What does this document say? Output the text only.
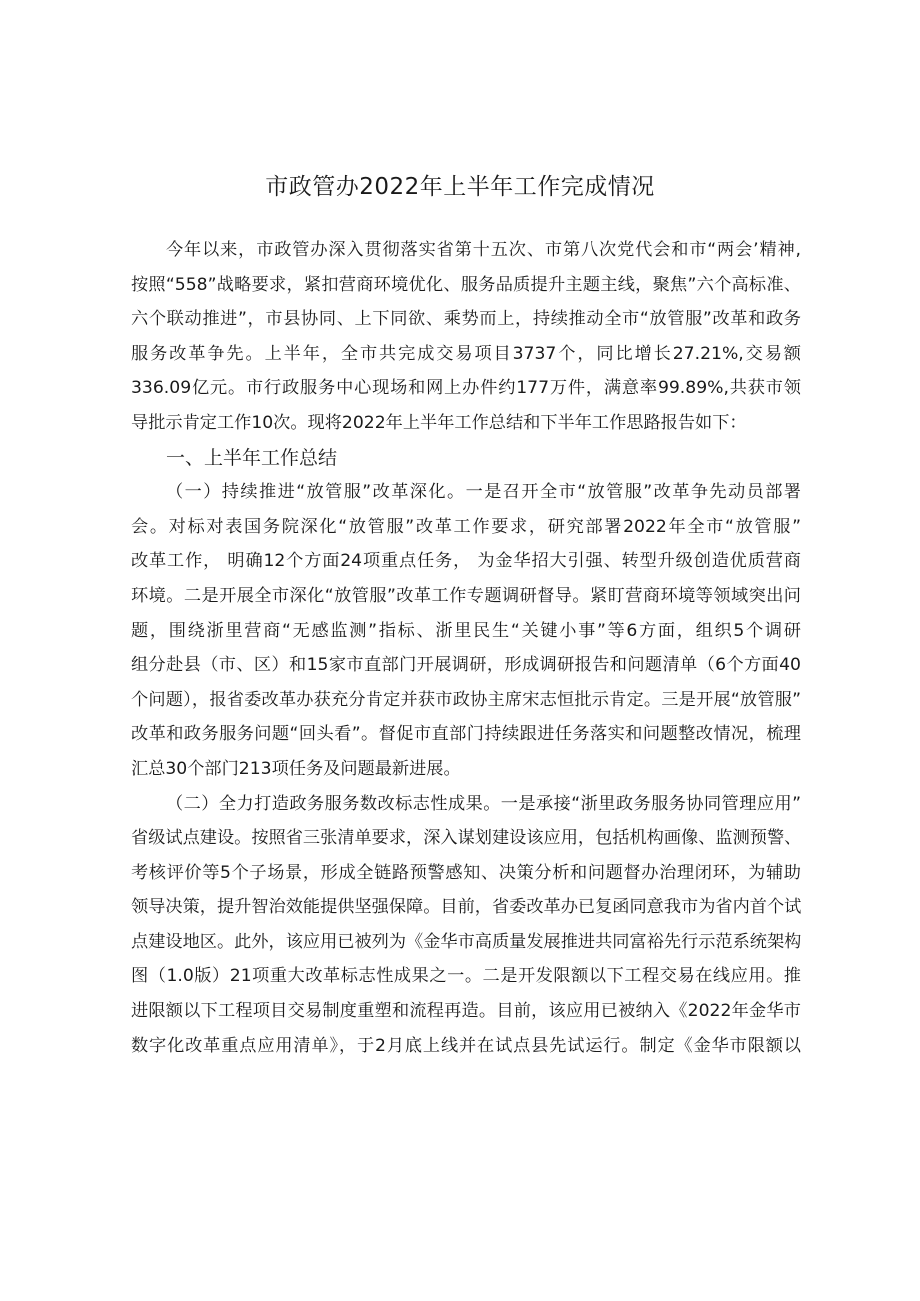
市政管办2022年上半年工作完成情况
今年以来，市政管办深入贯彻落实省第十五次、市第八次党代会和市“两会’精神,
按照“558”战略要求，紧扣营商环境优化、服务品质提升主题主线，聚焦”六个高标准、
六个联动推进”，市县协同、上下同欲、乘势而上，持续推动全市“放管服”改革和政务
服务改革争先。上半年，全市共完成交易项目3737个，同比增长27.21%,交易额
336.09亿元。市行政服务中心现场和网上办件约177万件，满意率99.89%,共获市领
导批示肯定工作10次。现将2022年上半年工作总结和下半年工作思路报告如下：
一、上半年工作总结
（一）持续推进“放管服”改革深化。一是召开全市“放管服”改革争先动员部署
会。对标对表国务院深化“放管服”改革工作要求，研究部署2022年全市“放管服”
改革工作， 明确12个方面24项重点任务， 为金华招大引强、转型升级创造优质营商
环境。二是开展全市深化“放管服”改革工作专题调研督导。紧盯营商环境等领域突出问
题，围绕浙里营商“无感监测”指标、浙里民生“关键小事”等6方面，组织5个调研
组分赴县（市、区）和15家市直部门开展调研，形成调研报告和问题清单（6个方面40
个问题），报省委改革办获充分肯定并获市政协主席宋志恒批示肯定。三是开展“放管服”
改革和政务服务问题“回头看”。督促市直部门持续跟进任务落实和问题整改情况，梳理
汇总30个部门213项任务及问题最新进展。
（二）全力打造政务服务数改标志性成果。一是承接“浙里政务服务协同管理应用”
省级试点建设。按照省三张清单要求，深入谋划建设该应用，包括机构画像、监测预警、
考核评价等5个子场景，形成全链路预警感知、决策分析和问题督办治理闭环，为辅助
领导决策，提升智治效能提供坚强保障。目前，省委改革办已复函同意我市为省内首个试
点建设地区。此外，该应用已被列为《金华市高质量发展推进共同富裕先行示范系统架构
图（1.0版）21项重大改革标志性成果之一。二是开发限额以下工程交易在线应用。推
进限额以下工程项目交易制度重塑和流程再造。目前，该应用已被纳入《2022年金华市
数字化改革重点应用清单》，于2月底上线并在试点县先试运行。制定《金华市限额以
